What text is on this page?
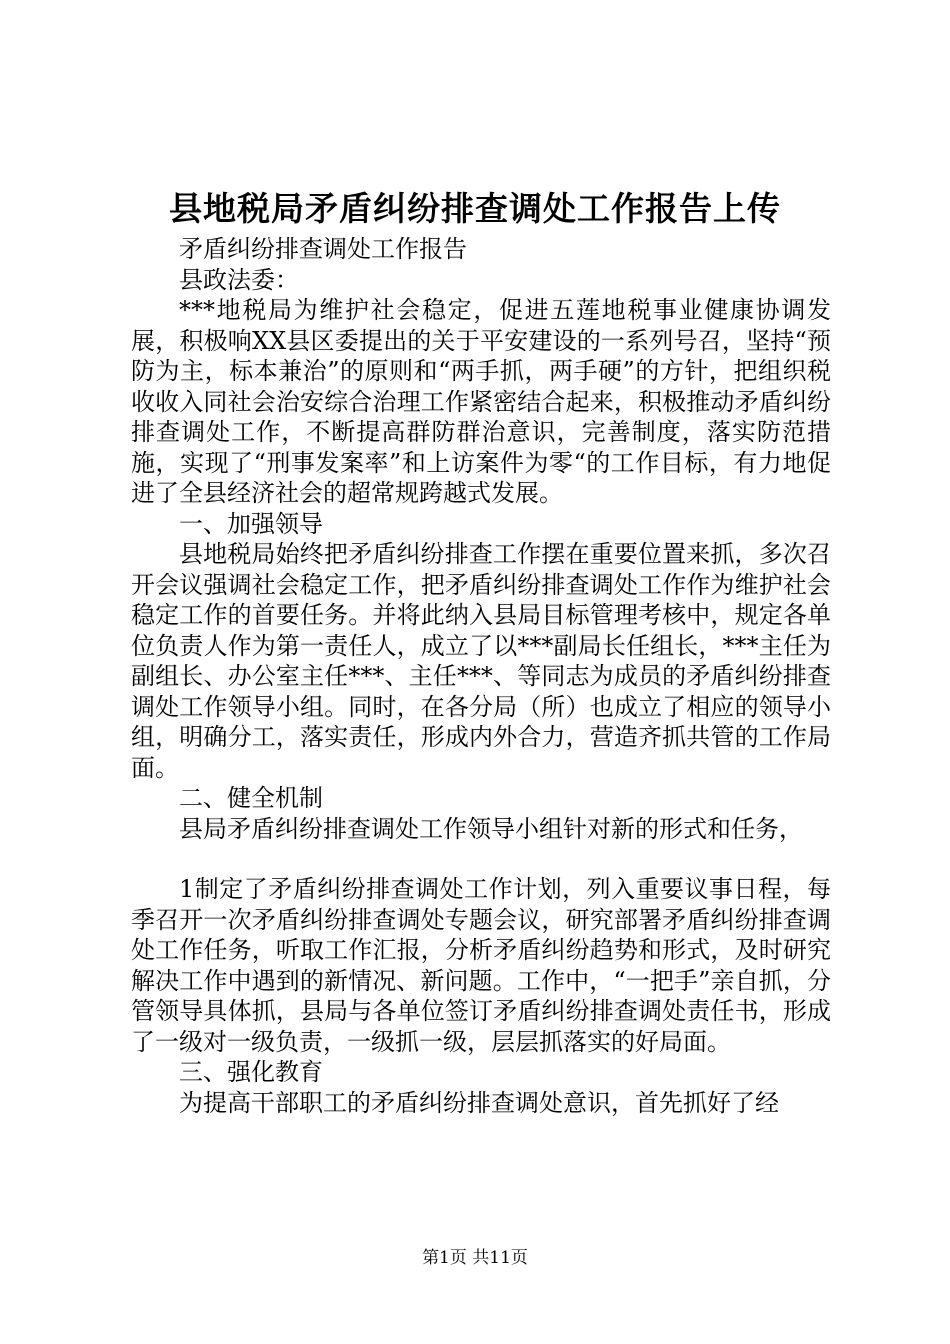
县地税局矛盾纠纷排查调处工作报告上传

矛盾纠纷排查调处工作报告

县政法委：

***地税局为维护社会稳定，促进五莲地税事业健康协调发展，积极响XX县区委提出的关于平安建设的一系列号召，坚持“预防为主，标本兼治”的原则和“两手抓，两手硬”的方针，把组织税收收入同社会治安综合治理工作紧密结合起来，积极推动矛盾纠纷排查调处工作，不断提高群防群治意识，完善制度，落实防范措施，实现了“刑事发案率”和上访案件为零“的工作目标，有力地促进了全县经济社会的超常规跨越式发展。

一、加强领导

县地税局始终把矛盾纠纷排查工作摆在重要位置来抓，多次召开会议强调社会稳定工作，把矛盾纠纷排查调处工作作为维护社会稳定工作的首要任务。并将此纳入县局目标管理考核中，规定各单位负责人作为第一责任人，成立了以***副局长任组长，***主任为副组长、办公室主任***、主任***、等同志为成员的矛盾纠纷排查调处工作领导小组。同时，在各分局（所）也成立了相应的领导小组，明确分工，落实责任，形成内外合力，营造齐抓共管的工作局面。

二、健全机制

县局矛盾纠纷排查调处工作领导小组针对新的形式和任务，

1制定了矛盾纠纷排查调处工作计划，列入重要议事日程，每季召开一次矛盾纠纷排查调处专题会议，研究部署矛盾纠纷排查调处工作任务，听取工作汇报，分析矛盾纠纷趋势和形式，及时研究解决工作中遇到的新情况、新问题。工作中，“一把手”亲自抓，分管领导具体抓，县局与各单位签订矛盾纠纷排查调处责任书，形成了一级对一级负责，一级抓一级，层层抓落实的好局面。

三、强化教育

为提高干部职工的矛盾纠纷排查调处意识，首先抓好了经

第1页 共11页
